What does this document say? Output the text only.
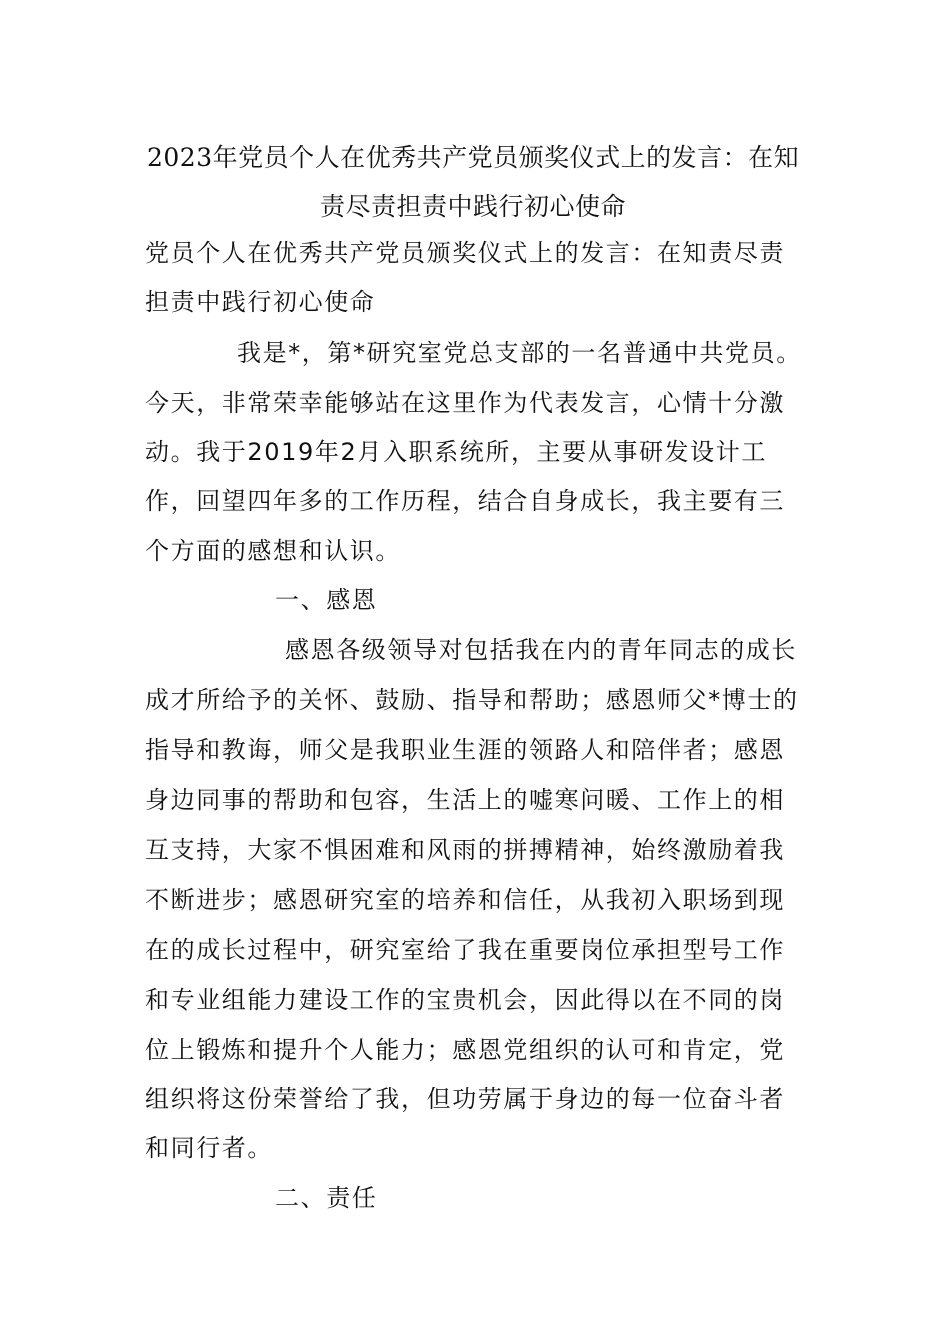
2023年党员个人在优秀共产党员颁奖仪式上的发言：在知
责尽责担责中践行初心使命
党员个人在优秀共产党员颁奖仪式上的发言：在知责尽责
担责中践行初心使命
我是*，第*研究室党总支部的一名普通中共党员。
今天，非常荣幸能够站在这里作为代表发言，心情十分激
动。我于2019年2月入职系统所，主要从事研发设计工
作，回望四年多的工作历程，结合自身成长，我主要有三
个方面的感想和认识。
一、感恩
感恩各级领导对包括我在内的青年同志的成长
成才所给予的关怀、鼓励、指导和帮助；感恩师父*博士的
指导和教诲，师父是我职业生涯的领路人和陪伴者；感恩
身边同事的帮助和包容，生活上的嘘寒问暖、工作上的相
互支持，大家不惧困难和风雨的拼搏精神，始终激励着我
不断进步；感恩研究室的培养和信任，从我初入职场到现
在的成长过程中，研究室给了我在重要岗位承担型号工作
和专业组能力建设工作的宝贵机会，因此得以在不同的岗
位上锻炼和提升个人能力；感恩党组织的认可和肯定，党
组织将这份荣誉给了我，但功劳属于身边的每一位奋斗者
和同行者。
二、责任
